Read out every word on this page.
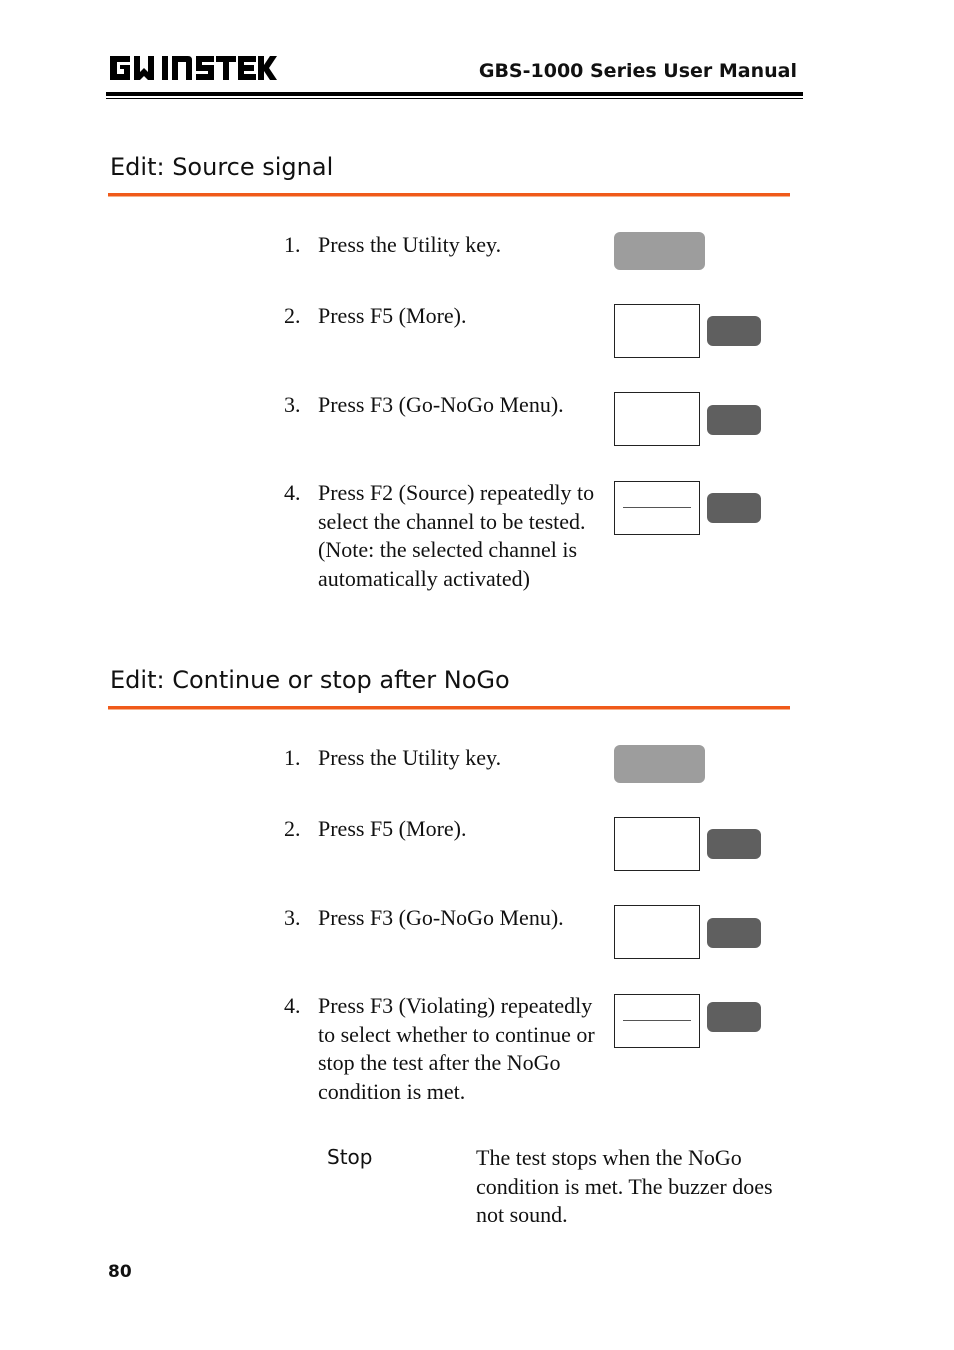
GBS-1000 Series User Manual
Edit: Source signal
1. Press the Utility key.
2. Press F5 (More).
3. Press F3 (Go-NoGo Menu).
4. Press F2 (Source) repeatedly to select the channel to be tested. (Note: the selected channel is automatically activated)
Edit: Continue or stop after NoGo
1. Press the Utility key.
2. Press F5 (More).
3. Press F3 (Go-NoGo Menu).
4. Press F3 (Violating) repeatedly to select whether to continue or stop the test after the NoGo condition is met.
Stop	The test stops when the NoGo condition is met. The buzzer does not sound.
80
